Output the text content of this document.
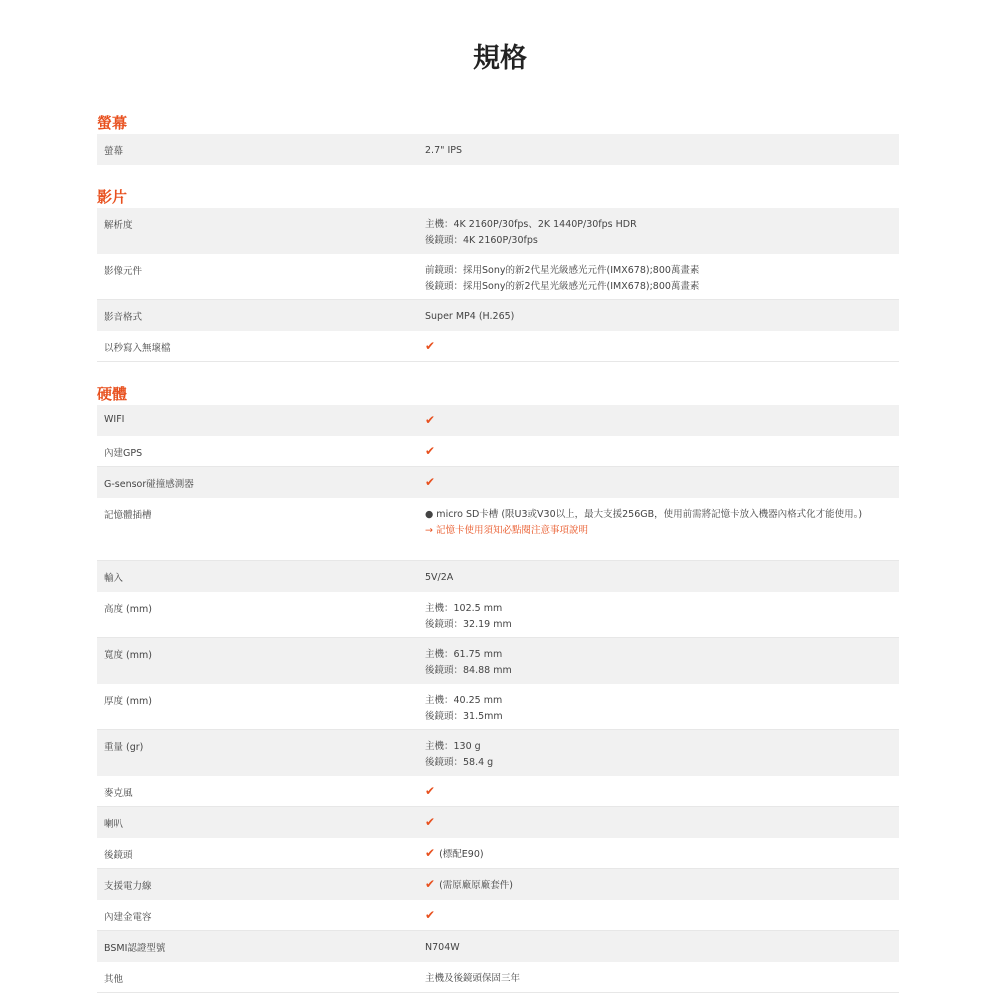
規格
螢幕
螢幕	2.7" IPS
影片
解析度	主機：4K 2160P/30fps、2K 1440P/30fps HDR
後鏡頭：4K 2160P/30fps
影像元件	前鏡頭：採用Sony的新2代星光級感光元件(IMX678);800萬畫素
後鏡頭：採用Sony的新2代星光級感光元件(IMX678);800萬畫素
影音格式	Super MP4 (H.265)
以秒寫入無壞檔	✔
硬體
WIFI	✔
內建GPS	✔
G-sensor碰撞感測器	✔
記憶體插槽	● micro SD卡槽 (限U3或V30以上，最大支援256GB，使用前需將記憶卡放入機器內格式化才能使用。)
→ 記憶卡使用須知必點閱注意事項說明
輸入	5V/2A
高度 (mm)	主機：102.5 mm
後鏡頭：32.19 mm
寬度 (mm)	主機：61.75 mm
後鏡頭：84.88 mm
厚度 (mm)	主機：40.25 mm
後鏡頭：31.5mm
重量 (gr)	主機：130 g
後鏡頭：58.4 g
麥克風	✔
喇叭	✔
後鏡頭	✔ (標配E90)
支援電力線	✔ (需原廠原廠套件)
內建金電容	✔
BSMI認證型號	N704W
其他	主機及後鏡頭保固三年
